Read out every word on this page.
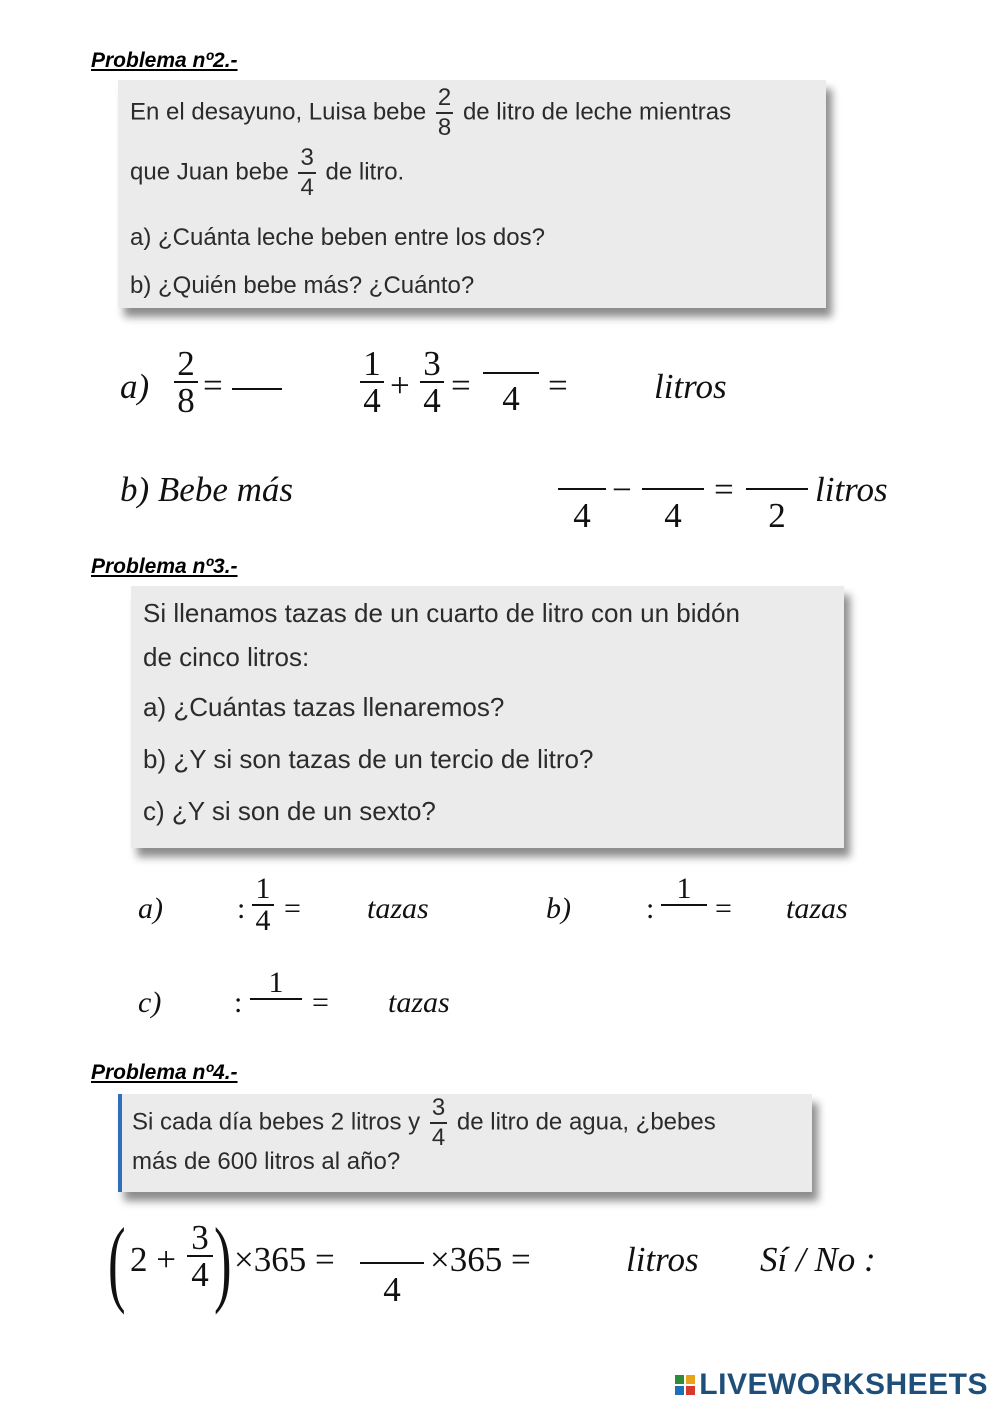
Problema nº2.-
En el desayuno, Luisa bebe $\frac{2}{8}$ de litro de leche mientras
que Juan bebe $\frac{3}{4}$ de litro.
a) ¿Cuánta leche beben entre los dos?
b) ¿Quién bebe más? ¿Cuánto?
a)
2
8 =
1
4 +
3
4 = 4 = litros
b) Bebe más
4
−
4
=
2
litros
Problema nº3.-
Si llenamos tazas de un cuarto de litro con un bidón
de cinco litros:
a) ¿Cuántas tazas llenaremos?
b) ¿Y si son tazas de un tercio de litro?
c) ¿Y si son de un sexto?
a) :
1
4 = tazas	b)	:
1
= tazas
c) :
1
= tazas
Problema nº4.-
Si cada día bebes 2 litros y $\frac{3}{4}$ de litro de agua, ¿bebes
más de 600 litros al año?
( 2 +
3
4 ) ×365 =
4
×365 =	litros Sí / No :
LIVEWORKSHEETS
